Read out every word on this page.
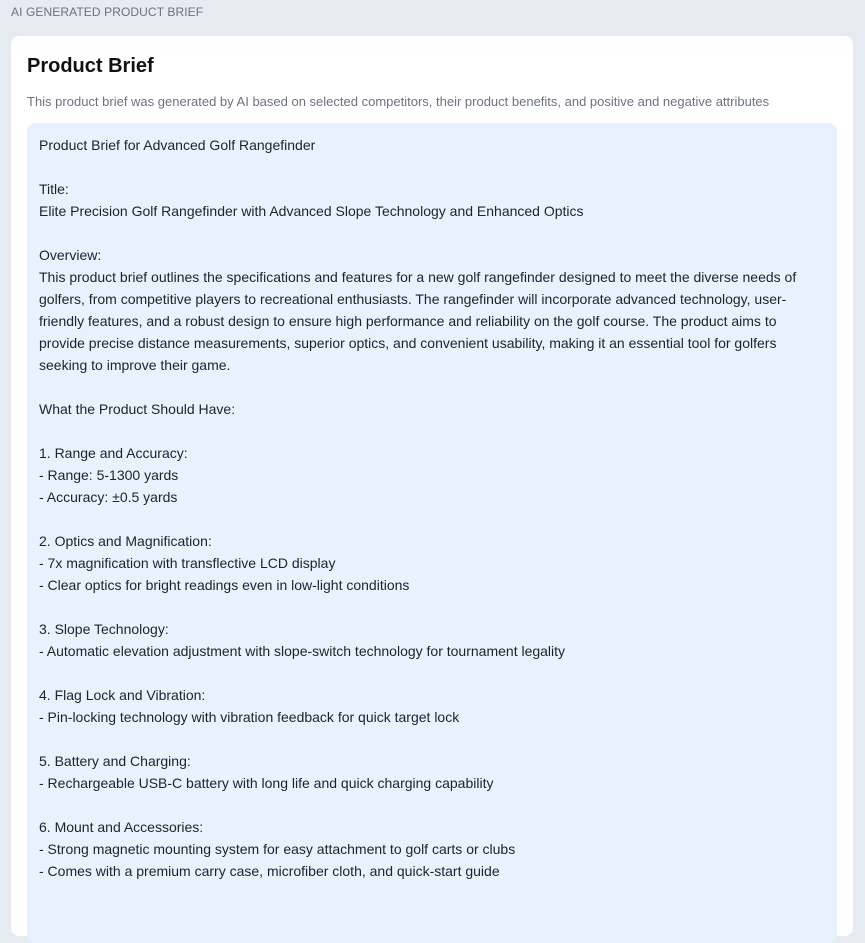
AI GENERATED PRODUCT BRIEF
Product Brief
This product brief was generated by AI based on selected competitors, their product benefits, and positive and negative attributes

Product Brief for Advanced Golf Rangefinder

Title:
Elite Precision Golf Rangefinder with Advanced Slope Technology and Enhanced Optics

Overview:
This product brief outlines the specifications and features for a new golf rangefinder designed to meet the diverse needs of golfers, from competitive players to recreational enthusiasts. The rangefinder will incorporate advanced technology, user-friendly features, and a robust design to ensure high performance and reliability on the golf course. The product aims to provide precise distance measurements, superior optics, and convenient usability, making it an essential tool for golfers seeking to improve their game.

What the Product Should Have:

1. Range and Accuracy:
- Range: 5-1300 yards
- Accuracy: ±0.5 yards

2. Optics and Magnification:
- 7x magnification with transflective LCD display
- Clear optics for bright readings even in low-light conditions

3. Slope Technology:
- Automatic elevation adjustment with slope-switch technology for tournament legality

4. Flag Lock and Vibration:
- Pin-locking technology with vibration feedback for quick target lock

5. Battery and Charging:
- Rechargeable USB-C battery with long life and quick charging capability

6. Mount and Accessories:
- Strong magnetic mounting system for easy attachment to golf carts or clubs
- Comes with a premium carry case, microfiber cloth, and quick-start guide
